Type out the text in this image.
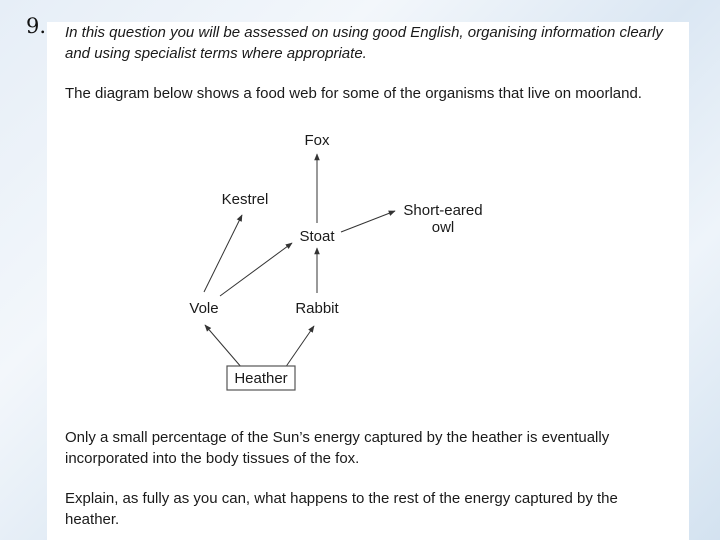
9. In this question you will be assessed on using good English, organising information clearly and using specialist terms where appropriate.

The diagram below shows a food web for some of the organisms that live on moorland.

Only a small percentage of the Sun’s energy captured by the heather is eventually incorporated into the body tissues of the fox.

Explain, as fully as you can, what happens to the rest of the energy captured by the heather.

Fox
Kestrel
Stoat
Short-eared
owl
Vole	Rabbit
Heather
